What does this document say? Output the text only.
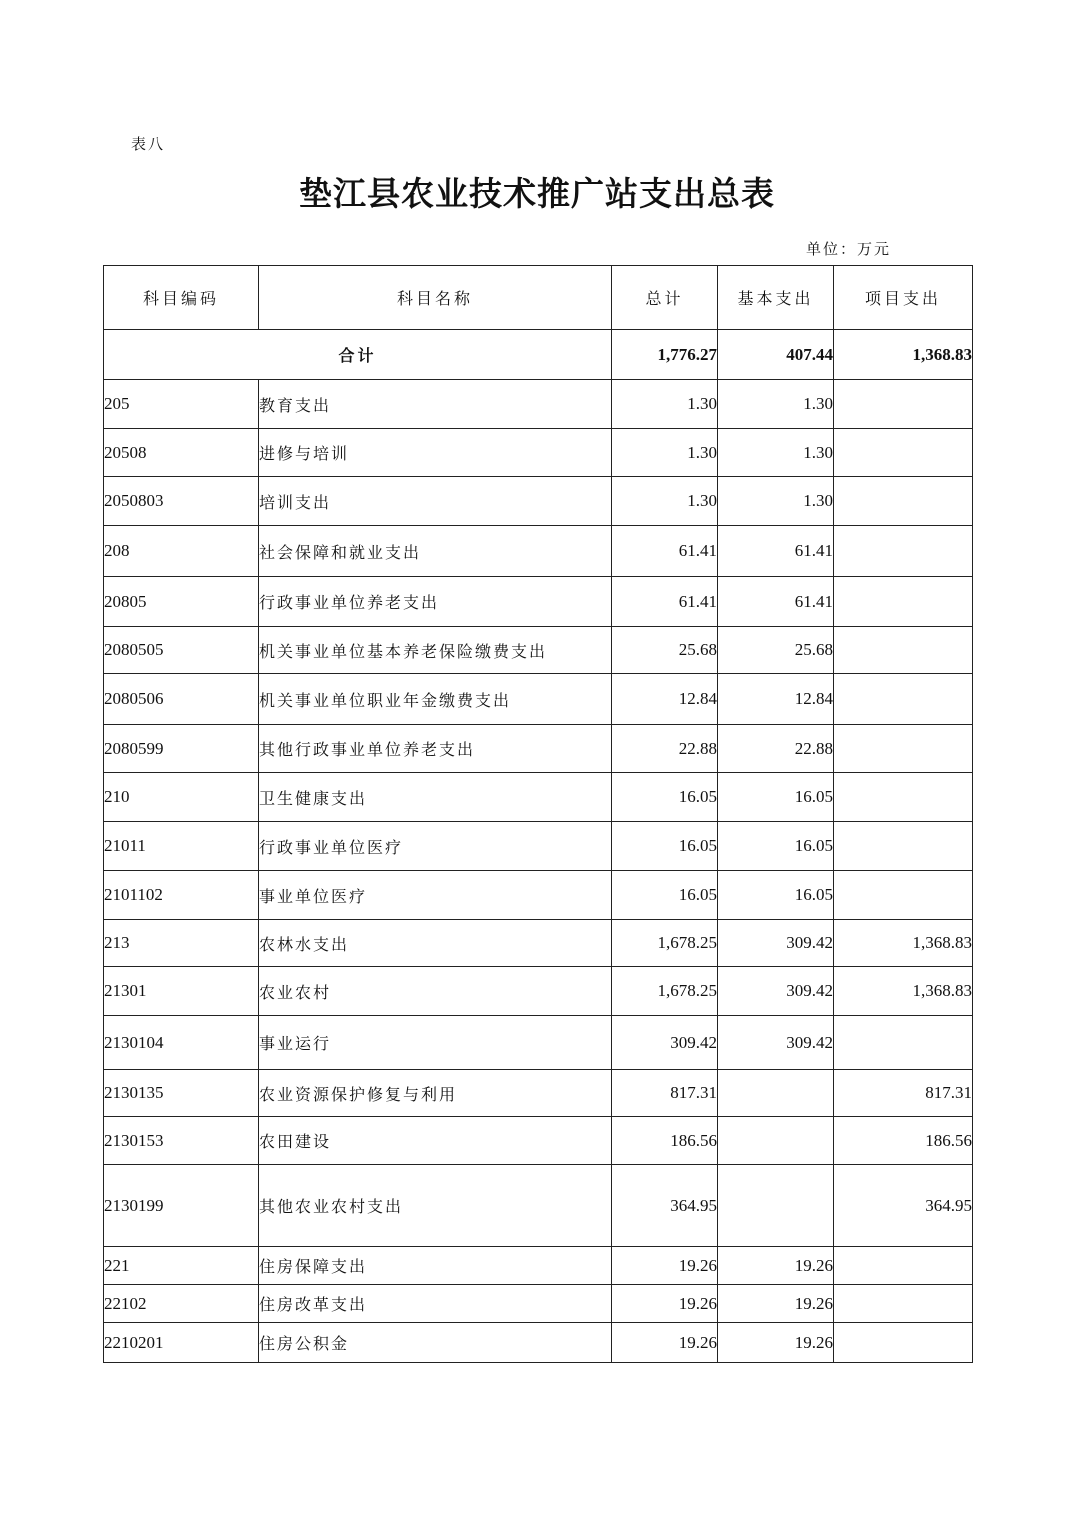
表八
垫江县农业技术推广站支出总表
单位：万元
科目编码	科目名称	总计	基本支出	项目支出
合计		1,776.27	407.44	1,368.83
205	教育支出	1.30	1.30	
20508	进修与培训	1.30	1.30	
2050803	培训支出	1.30	1.30	
208	社会保障和就业支出	61.41	61.41	
20805	行政事业单位养老支出	61.41	61.41	
2080505	机关事业单位基本养老保险缴费支出	25.68	25.68	
2080506	机关事业单位职业年金缴费支出	12.84	12.84	
2080599	其他行政事业单位养老支出	22.88	22.88	
210	卫生健康支出	16.05	16.05	
21011	行政事业单位医疗	16.05	16.05	
2101102	事业单位医疗	16.05	16.05	
213	农林水支出	1,678.25	309.42	1,368.83
21301	农业农村	1,678.25	309.42	1,368.83
2130104	事业运行	309.42	309.42	
2130135	农业资源保护修复与利用	817.31		817.31
2130153	农田建设	186.56		186.56
2130199	其他农业农村支出	364.95		364.95
221	住房保障支出	19.26	19.26	
22102	住房改革支出	19.26	19.26	
2210201	住房公积金	19.26	19.26	
